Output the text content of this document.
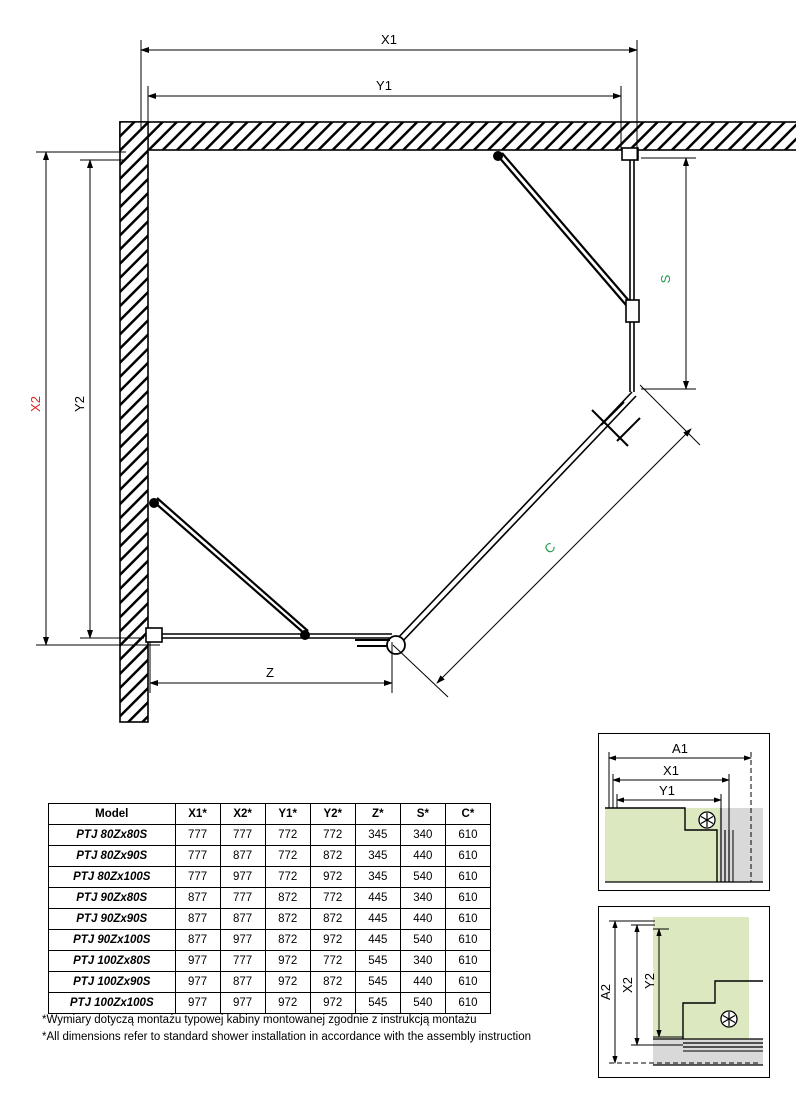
X1
Y1
X2 Y2
S
Z
C
Model	X1*	X2*	Y1*	Y2*	Z*	S*	C*
PTJ 80Zx80S	777	777	772	772	345	340	610
PTJ 80Zx90S	777	877	772	872	345	440	610
PTJ 80Zx100S	777	977	772	972	345	540	610
PTJ 90Zx80S	877	777	872	772	445	340	610
PTJ 90Zx90S	877	877	872	872	445	440	610
PTJ 90Zx100S	877	977	872	972	445	540	610
PTJ 100Zx80S	977	777	972	772	545	340	610
PTJ 100Zx90S	977	877	972	872	545	440	610
PTJ 100Zx100S	977	977	972	972	545	540	610
*Wymiary dotyczą montażu typowej kabiny montowanej zgodnie z instrukcją montażu
*All dimensions refer to standard shower installation in accordance with the assembly instruction
A1
X1
Y1
A2 X2 Y2
